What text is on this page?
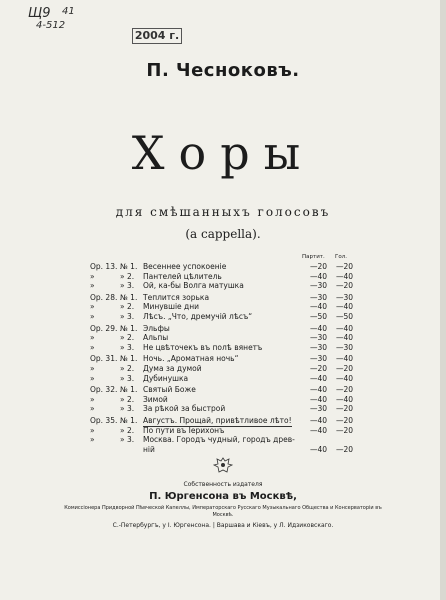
Щ9 41
4-512
2004 г.
П. Чесноковъ.
Хоры
для смѣшанныхъ голосовъ
(a cappella).
Партит. Гол.
Ор. 13. № 1. Весеннее успокоеніе	—20	—20
»	» 2. Пантелей цѣлитель	—40	—40
»	» 3. Ой, ка-бы Волга матушка	—30	—20
Ор. 28. № 1. Теплится зорька	—30	—30
»	» 2. Минувшіе дни	—40	—40
»	» 3. Лѣсъ. „Что, дремучій лѣсъ“	—50	—50
Ор. 29. № 1. Эльфы	—40	—40
»	» 2. Альпы	—30	—40
»	» 3. Не цвѣточекъ въ полѣ вянетъ	—30	—30
Ор. 31. № 1. Ночь. „Ароматная ночь“	—30	—40
»	» 2. Дума за думой	—20	—20
»	» 3. Дубинушка	—40	—40
Ор. 32. № 1. Святый Боже	—40	—20
»	» 2. Зимой	—40	—40
»	» 3. За рѣкой за быстрой	—30	—20
Ор. 35. № 1. Августъ. Прощай, привѣтливое лѣто! —40	—20
»	» 2. По пути въ Іерихонъ	—40	—20
»	» 3. Москва. Городъ чудный, городъ древ-
ній	—40	—20
Собственность издателя
П. Юргенсона въ Москвѣ,
Комиссіонера Придворной Пѣвческой Капеллы, Императорскаго Русскаго Музыкальнаго Общества и Консерваторіи въ Москвѣ.
С.-Петербургъ, у І. Юргенсона. | Варшава и Кіевъ, у Л. Идзиковскаго.
